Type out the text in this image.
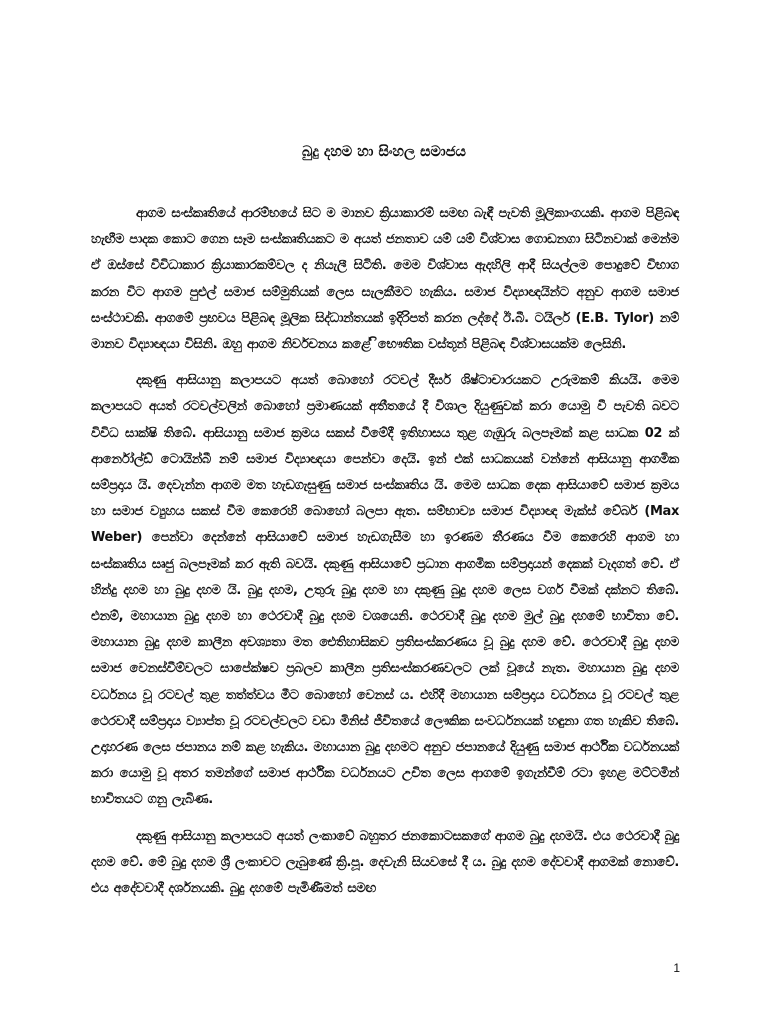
බුදු දහම හා සිංහල සමාජය

ආගම සංස්කෘතියේ ආරම්භයේ සිට ම මානව ක්‍රියාකාරම් සමඟ බැඳී පැවති මූලිකාංගයකි. ආගම පිළිබඳ හැඟීම පාදක කොට ගෙන සෑම සංස්කෘතියකට ම අයත් ජනතාව යම් යම් විශ්වාස ගොඩනගා සිටිනවාක් මෙන්ම ඒ ඔස්සේ විවිධාකාර ක්‍රියාකාරකම්වල ද නියැලී සිටිති. මෙම විශ්වාස ඇදහිලි ආදී සියල්ලම පොදුවේ විභාග කරන විට ආගම පුළුල් සමාජ සම්මුතියක් ලෙස සැලකීමට හැකිය. සමාජ විද්‍යාඥයින්ට අනුව ආගම සමාජ සංස්ථාවකි. ආගමේ ප්‍රභවය පිළිබඳ මූලික සිද්ධාන්තයක් ඉදිරිපත් කරන ලද්දේ ඊ.බී. ටයිලර් (E.B. Tylor) නම් මානව විද්‍යාඥයා විසිනි. ඔහු ආගම නිර්වචනය කළේ ිභෞතික වස්තූන් පිළිබඳ විශ්වාසයක්ම ලෙසිනි.

දකුණු ආසියානු කලාපයට අයත් බොහෝ රටවල් දීර්ඝ ශිෂ්ටාචාරයකට උරුමකම් කියයි. මෙම කලාපයට අයත් රටවල්වලින් බොහෝ ප්‍රමාණයක් අතීතයේ දී විශාල දියුණුවක් කරා යොමු වී පැවති බවට විවිධ සාක්ෂි තිබේ. ආසියානු සමාජ ක්‍රමය සකස් වීමේදී ඉතිහාසය තුළ ගැඹුරු බලපෑමක් කළ සාධක 02 ක් ආර්නෝල්ඩ් ටොයින්බී නම් සමාජ විද්‍යාඥයා පෙන්වා දෙයි. ඉන් එක් සාධකයක් වන්නේ ආසියානු ආගමික සම්ප්‍රදාය යි. දෙවැන්න ආගම මත හැඩගැසුණු සමාජ සංස්කෘතිය යි. මෙම සාධක දෙක ආසියාවේ සමාජ ක්‍රමය හා සමාජ ව්‍යුහය සකස් වීම කෙරෙහි බොහෝ බලපා ඇත. සම්භාව්‍ය සමාජ විද්‍යාඥ මැක්ස් වේබර් (Max Weber) පෙන්වා දෙන්නේ ආසියාවේ සමාජ හැඩගැසීම හා ඉරණම තීරණය වීම කෙරෙහි ආගම හා සංස්කෘතිය සෘජු බලපෑමක් කර ඇති බවයි. දකුණු ආසියාවේ ප්‍රධාන ආගමික සම්ප්‍රදායන් දෙකක් වැදගත් වේ. ඒ හින්දු දහම හා බුදු දහම යි. බුදු දහම, උතුරු බුදු දහම හා දකුණු බුදු දහම ලෙස වර්ග වීමක් දක්නට තිබේ. එනම්, මහායාන බුදු දහම හා ථෙරවාදී බුදු දහම වශයෙනි. ථෙරවාදී බුදු දහම මුල් බුදු දහමේ භාවිතා වේ. මහායාන බුදු දහම කාලීන අවශ්‍යතා මත ඓතිහාසිකව ප්‍රතිසංස්කරණය වූ බුදු දහම වේ. ථෙරවාදී බුදු දහම සමාජ වෙනස්වීම්වලට සාපේක්ෂව ප්‍රබලව කාලීන ප්‍රතිසංස්කරණවලට ලක් වූයේ නැත. මහායාන බුදු දහම වර්ධනය වූ රටවල් තුළ තත්ත්වය මීට බොහෝ වෙනස් ය. එහිදී මහායාන සම්ප්‍රදාය වර්ධනය වූ රටවල් තුළ ථෙරවාදී සම්ප්‍රදාය ව්‍යාප්ත වූ රටවල්වලට වඩා මිනිස් ජීවිතයේ ලෞකික සංවර්ධනයක් හඳුනා ගත හැකිව තිබේ. උදාහරණ ලෙස ජපානය නම් කළ හැකිය. මහායාන බුදු දහමට අනුව ජපානයේ දියුණු සමාජ ආර්ථික වර්ධනයක් කරා යොමු වූ අතර තමන්ගේ සමාජ ආර්ථික වර්ධනයට උචිත ලෙස ආගමේ ඉගැන්වීම් රටා ඉහළ මට්ටමින් භාවිතයට ගනු ලැබිණ.

දකුණු ආසියානු කලාපයට අයත් ලංකාවේ බහුතර ජනකොටසකගේ ආගම බුදු දහමයි. එය ථෙරවාදී බුදු දහම වේ. මේ බුදු දහම ශ්‍රී ලංකාවට ලැබුණේ ක්‍රි.පූ. දෙවැනි සියවසේ දී ය. බුදු දහම දේවවාදී ආගමක් නොවේ. එය අදේවවාදී දර්ශනයකි. බුදු දහමේ පැමිණීමත් සමඟ

1
